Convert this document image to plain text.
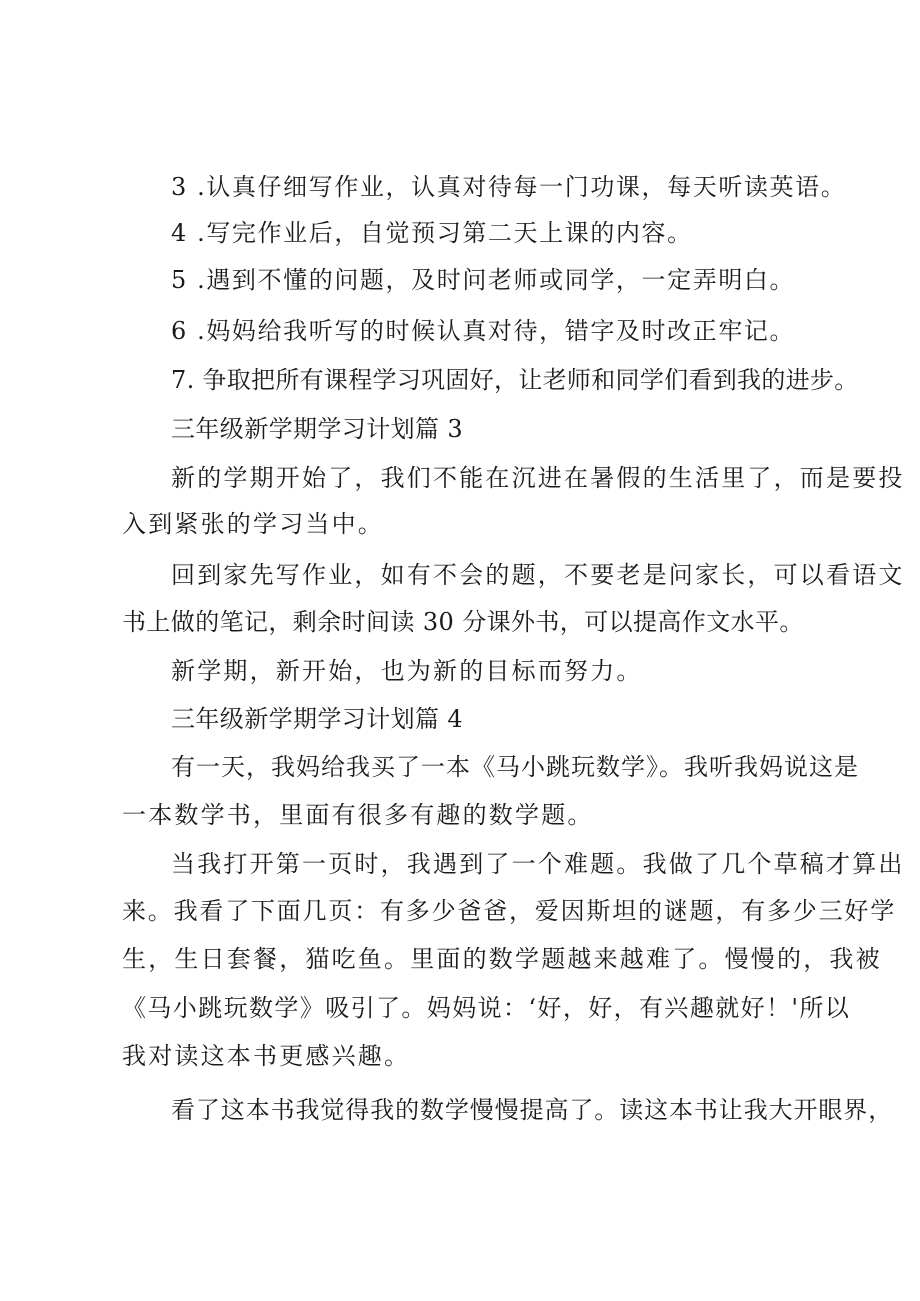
3 .认真仔细写作业，认真对待每一门功课，每天听读英语。

4 .写完作业后，自觉预习第二天上课的内容。

5 .遇到不懂的问题，及时问老师或同学，一定弄明白。

6 .妈妈给我听写的时候认真对待，错字及时改正牢记。

7. 争取把所有课程学习巩固好，让老师和同学们看到我的进步。

三年级新学期学习计划篇 3

新的学期开始了，我们不能在沉进在暑假的生活里了，而是要投

入到紧张的学习当中。

回到家先写作业，如有不会的题，不要老是问家长，可以看语文

书上做的笔记，剩余时间读 30 分课外书，可以提高作文水平。

新学期，新开始，也为新的目标而努力。

三年级新学期学习计划篇 4

有一天，我妈给我买了一本《马小跳玩数学》。我听我妈说这是

一本数学书，里面有很多有趣的数学题。

当我打开第一页时，我遇到了一个难题。我做了几个草稿才算出

来。我看了下面几页：有多少爸爸，爱因斯坦的谜题，有多少三好学

生，生日套餐，猫吃鱼。里面的数学题越来越难了。慢慢的，我被

《马小跳玩数学》吸引了。妈妈说：‘好，好，有兴趣就好！'所以

我对读这本书更感兴趣。

看了这本书我觉得我的数学慢慢提高了。读这本书让我大开眼界，
